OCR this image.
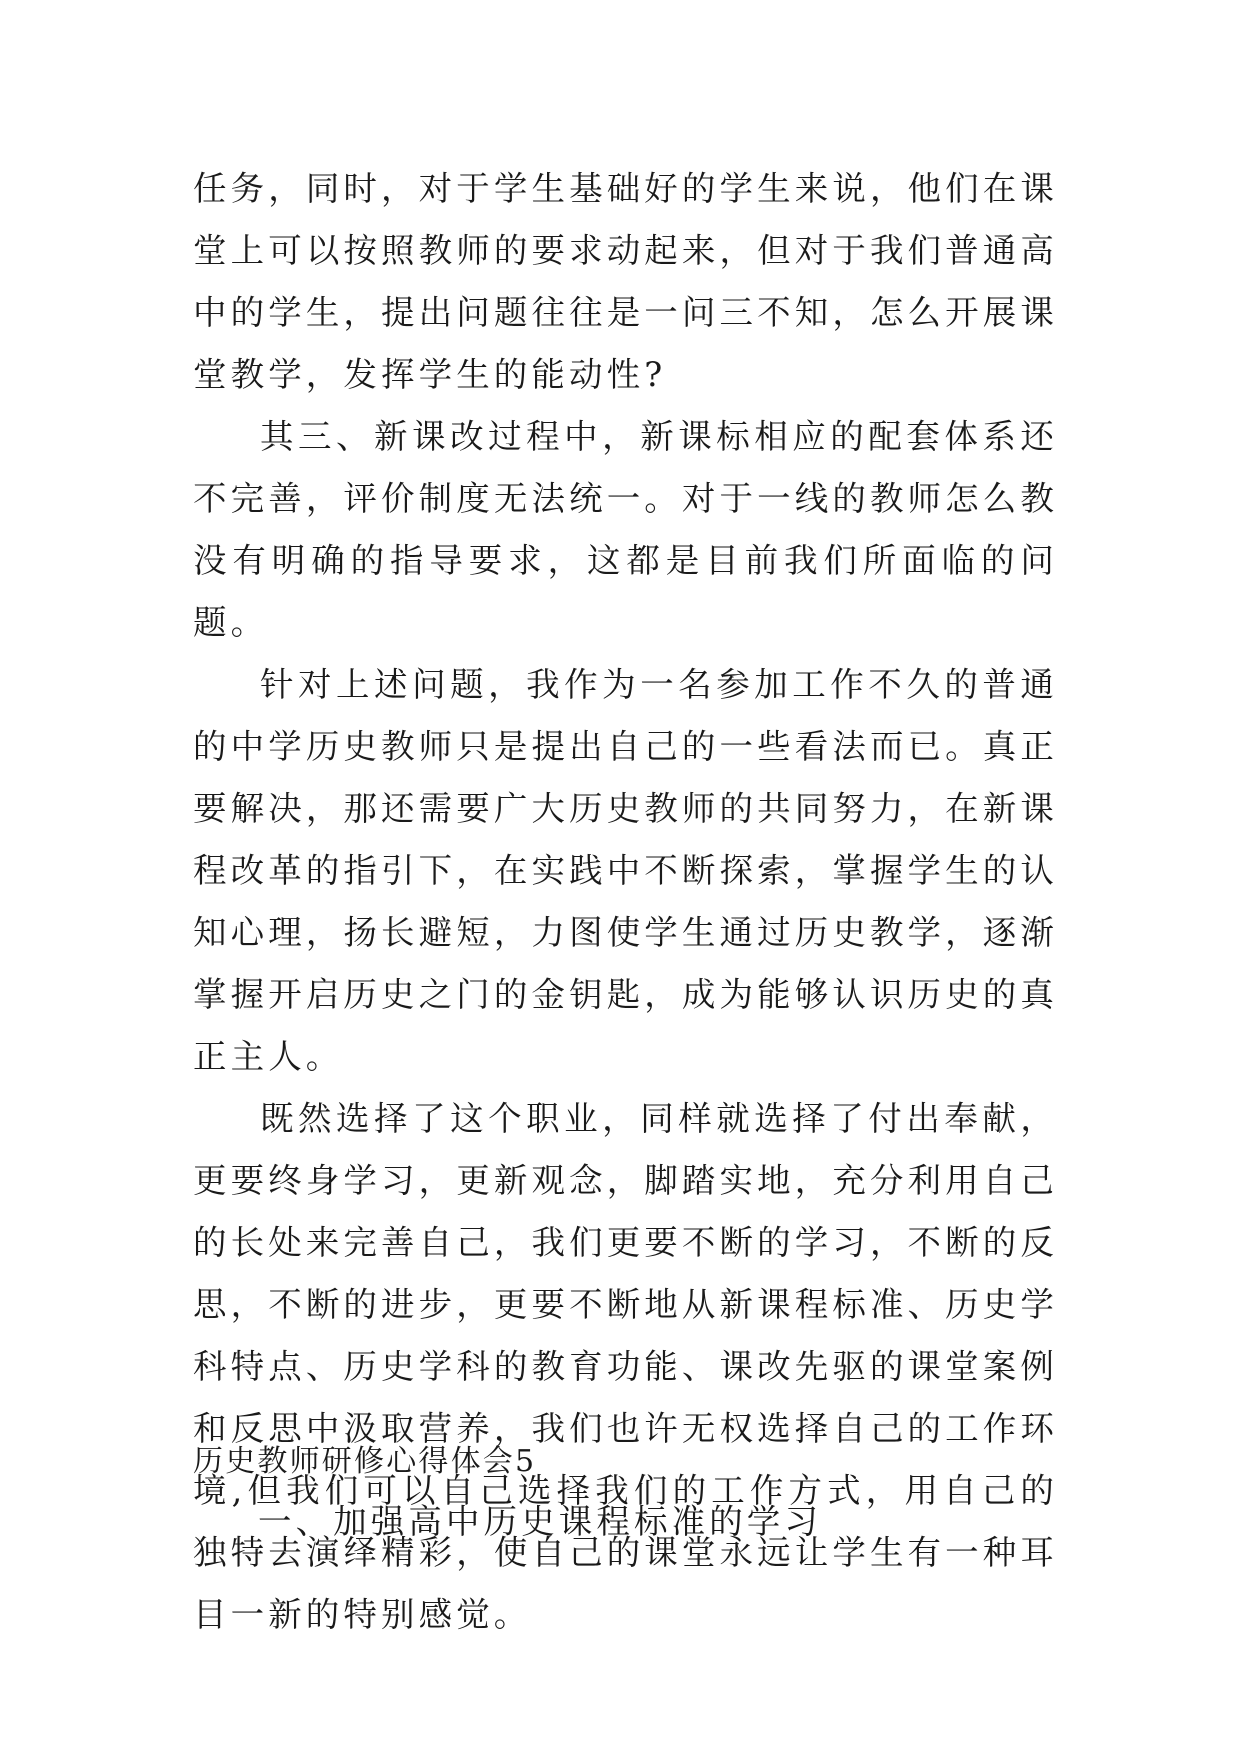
任务，同时，对于学生基础好的学生来说，他们在课堂上可以按照教师的要求动起来，但对于我们普通高中的学生，提出问题往往是一问三不知，怎么开展课堂教学，发挥学生的能动性?

其三、新课改过程中，新课标相应的配套体系还不完善，评价制度无法统一。对于一线的教师怎么教没有明确的指导要求，这都是目前我们所面临的问题。

针对上述问题，我作为一名参加工作不久的普通的中学历史教师只是提出自己的一些看法而已。真正要解决，那还需要广大历史教师的共同努力，在新课程改革的指引下，在实践中不断探索，掌握学生的认知心理，扬长避短，力图使学生通过历史教学，逐渐掌握开启历史之门的金钥匙，成为能够认识历史的真正主人。

既然选择了这个职业，同样就选择了付出奉献，更要终身学习，更新观念，脚踏实地，充分利用自己的长处来完善自己，我们更要不断的学习，不断的反思，不断的进步，更要不断地从新课程标准、历史学科特点、历史学科的教育功能、课改先驱的课堂案例和反思中汲取营养，我们也许无权选择自己的工作环境,但我们可以自己选择我们的工作方式，用自己的独特去演绎精彩，使自己的课堂永远让学生有一种耳目一新的特别感觉。

历史教师研修心得体会5

一、加强高中历史课程标准的学习
